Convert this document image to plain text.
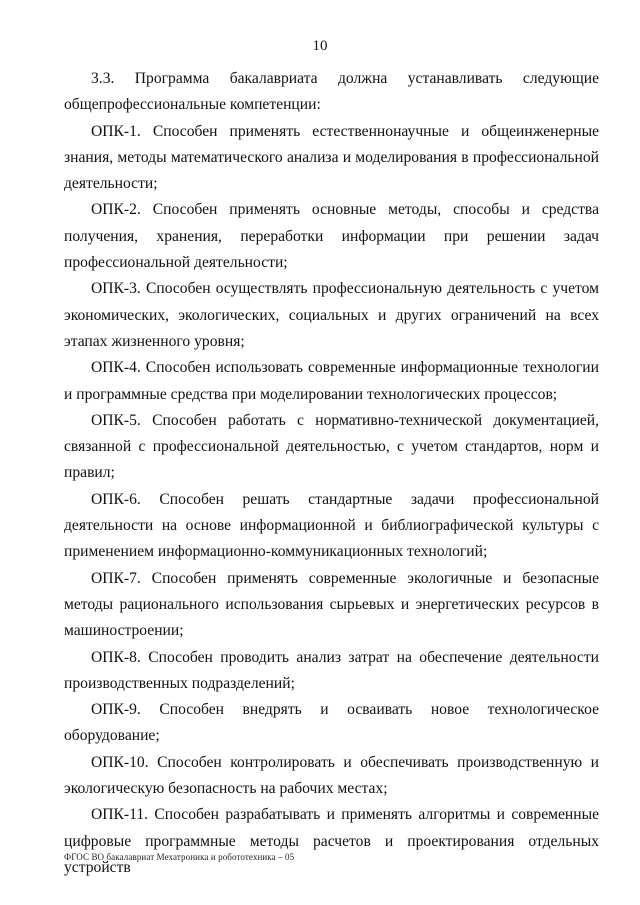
10

3.3. Программа бакалавриата должна устанавливать следующие общепрофессиональные компетенции:

ОПК-1. Способен применять естественнонаучные и общеинженерные знания, методы математического анализа и моделирования в профессиональной деятельности;

ОПК-2. Способен применять основные методы, способы и средства получения, хранения, переработки информации при решении задач профессиональной деятельности;

ОПК-3. Способен осуществлять профессиональную деятельность с учетом экономических, экологических, социальных и других ограничений на всех этапах жизненного уровня;

ОПК-4. Способен использовать современные информационные технологии и программные средства при моделировании технологических процессов;

ОПК-5. Способен работать с нормативно-технической документацией, связанной с профессиональной деятельностью, с учетом стандартов, норм и правил;

ОПК-6. Способен решать стандартные задачи профессиональной деятельности на основе информационной и библиографической культуры с применением информационно-коммуникационных технологий;

ОПК-7. Способен применять современные экологичные и безопасные методы рационального использования сырьевых и энергетических ресурсов в машиностроении;

ОПК-8. Способен проводить анализ затрат на обеспечение деятельности производственных подразделений;

ОПК-9. Способен внедрять и осваивать новое технологическое оборудование;

ОПК-10. Способен контролировать и обеспечивать производственную и экологическую безопасность на рабочих местах;

ОПК-11. Способен разрабатывать и применять алгоритмы и современные цифровые программные методы расчетов и проектирования отдельных устройств

ФГОС ВО бакалавриат Мехатроника и робототехника – 05
